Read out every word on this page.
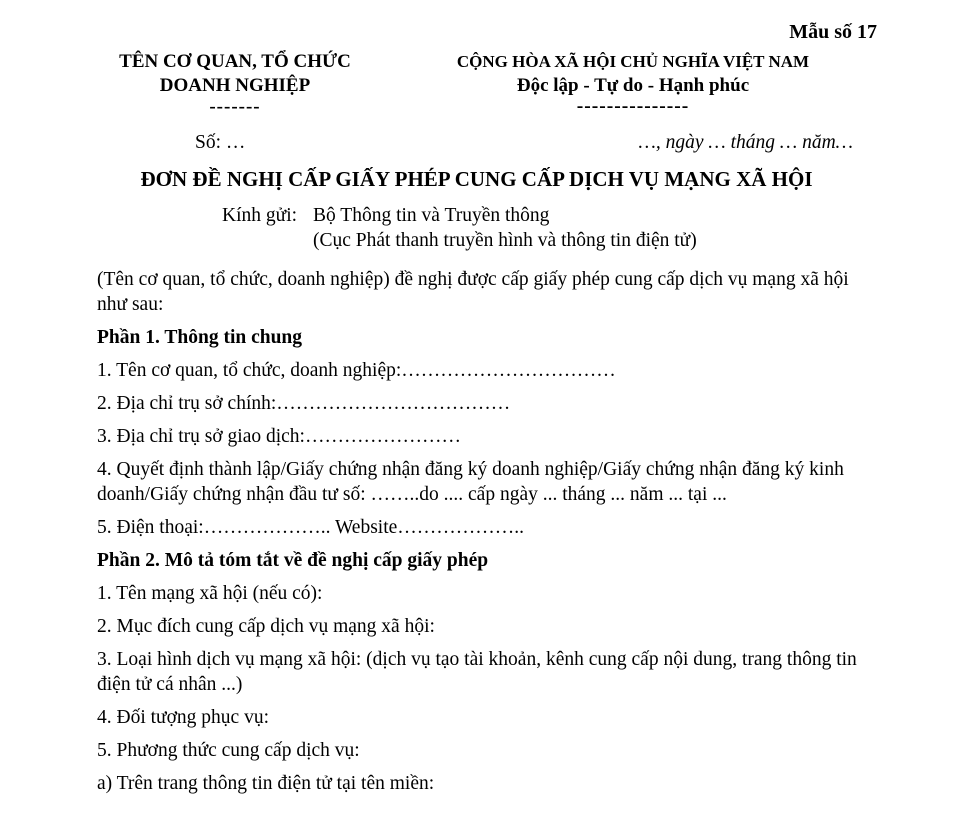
Mẫu số 17
TÊN CƠ QUAN, TỔ CHỨC
DOANH NGHIỆP
-------
CỘNG HÒA XÃ HỘI CHỦ NGHĨA VIỆT NAM
Độc lập - Tự do - Hạnh phúc
---------------
Số: …	…, ngày … tháng … năm…
ĐƠN ĐỀ NGHỊ CẤP GIẤY PHÉP CUNG CẤP DỊCH VỤ MẠNG XÃ HỘI
Kính gửi: Bộ Thông tin và Truyền thông
(Cục Phát thanh truyền hình và thông tin điện tử)

(Tên cơ quan, tổ chức, doanh nghiệp) đề nghị được cấp giấy phép cung cấp dịch vụ mạng xã hội như sau:

Phần 1. Thông tin chung

1. Tên cơ quan, tổ chức, doanh nghiệp:……………………………

2. Địa chỉ trụ sở chính:………………………………

3. Địa chỉ trụ sở giao dịch:……………………

4. Quyết định thành lập/Giấy chứng nhận đăng ký doanh nghiệp/Giấy chứng nhận đăng ký kinh doanh/Giấy chứng nhận đầu tư số: ……..do .... cấp ngày ... tháng ... năm ... tại ...

5. Điện thoại:……………….. Website………………..

Phần 2. Mô tả tóm tắt về đề nghị cấp giấy phép

1. Tên mạng xã hội (nếu có):

2. Mục đích cung cấp dịch vụ mạng xã hội:

3. Loại hình dịch vụ mạng xã hội: (dịch vụ tạo tài khoản, kênh cung cấp nội dung, trang thông tin điện tử cá nhân ...)

4. Đối tượng phục vụ:

5. Phương thức cung cấp dịch vụ:

a) Trên trang thông tin điện tử tại tên miền:
